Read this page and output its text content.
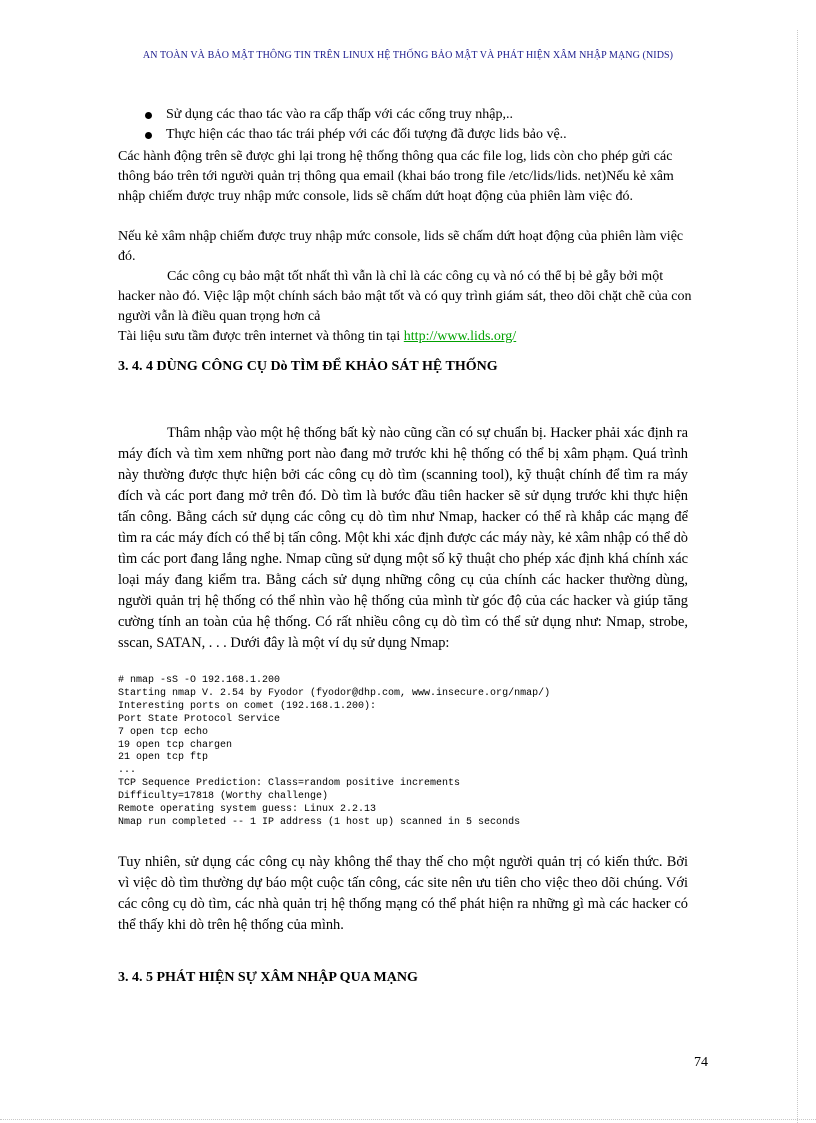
AN TOÀN VÀ BẢO MẬT THÔNG TIN TRÊN LINUX HỆ THỐNG BẢO MẬT VÀ PHÁT HIỆN XÂM NHẬP MẠNG (NIDS)
Sử dụng các thao tác vào ra cấp thấp với các cổng truy nhập,..
Thực hiện các thao tác trái phép với các đối tượng đã được lids bảo vệ..

Các hành động trên sẽ được ghi lại trong hệ thống thông qua các file log, lids còn cho phép gửi các thông báo trên tới người quản trị thông qua email (khai báo trong file /etc/lids/lids. net)Nếu kẻ xâm nhập chiếm được truy nhập mức console, lids sẽ chấm dứt hoạt động của phiên làm việc đó.

Nếu kẻ xâm nhập chiếm được truy nhập mức console, lids sẽ chấm dứt hoạt động của phiên làm việc đó.

Các công cụ bảo mật tốt nhất thì vẫn là chỉ là các công cụ và nó có thể bị bẻ gẫy bởi một hacker nào đó. Việc lập một chính sách bảo mật tốt và có quy trình giám sát, theo dõi chặt chẽ của con người vẫn là điều quan trọng hơn cả

Tài liệu sưu tầm được trên internet và thông tin tại http://www.lids.org/

3. 4. 4 DÙNG CÔNG CỤ Dò TÌM ĐỂ KHẢO SÁT HỆ THỐNG

Thâm nhập vào một hệ thống bất kỳ nào cũng cần có sự chuẩn bị. Hacker phải xác định ra máy đích và tìm xem những port nào đang mở trước khi hệ thống có thể bị xâm phạm. Quá trình này thường được thực hiện bởi các công cụ dò tìm (scanning tool), kỹ thuật chính để tìm ra máy đích và các port đang mở trên đó. Dò tìm là bước đầu tiên hacker sẽ sử dụng trước khi thực hiện tấn công. Bằng cách sử dụng các công cụ dò tìm như Nmap, hacker có thể rà khắp các mạng để tìm ra các máy đích có thể bị tấn công. Một khi xác định được các máy này, kẻ xâm nhập có thể dò tìm các port đang lắng nghe. Nmap cũng sử dụng một số kỹ thuật cho phép xác định khá chính xác loại máy đang kiểm tra. Bằng cách sử dụng những công cụ của chính các hacker thường dùng, người quản trị hệ thống có thể nhìn vào hệ thống của mình từ góc độ của các hacker và giúp tăng cường tính an toàn của hệ thống. Có rất nhiều công cụ dò tìm có thể sử dụng như: Nmap, strobe, sscan, SATAN, . . . Dưới đây là một ví dụ sử dụng Nmap:

# nmap -sS -O 192.168.1.200
Starting nmap V. 2.54 by Fyodor (fyodor@dhp.com, www.insecure.org/nmap/)
Interesting ports on comet (192.168.1.200):
Port State Protocol Service
7 open tcp echo
19 open tcp chargen
21 open tcp ftp
...
TCP Sequence Prediction: Class=random positive increments
Difficulty=17818 (Worthy challenge)
Remote operating system guess: Linux 2.2.13
Nmap run completed -- 1 IP address (1 host up) scanned in 5 seconds

Tuy nhiên, sử dụng các công cụ này không thể thay thế cho một người quản trị có kiến thức. Bởi vì việc dò tìm thường dự báo một cuộc tấn công, các site nên ưu tiên cho việc theo dõi chúng. Với các công cụ dò tìm, các nhà quản trị hệ thống mạng có thể phát hiện ra những gì mà các hacker có thể thấy khi dò trên hệ thống của mình.

3. 4. 5 PHÁT HIỆN SỰ XÂM NHẬP QUA MẠNG
74
